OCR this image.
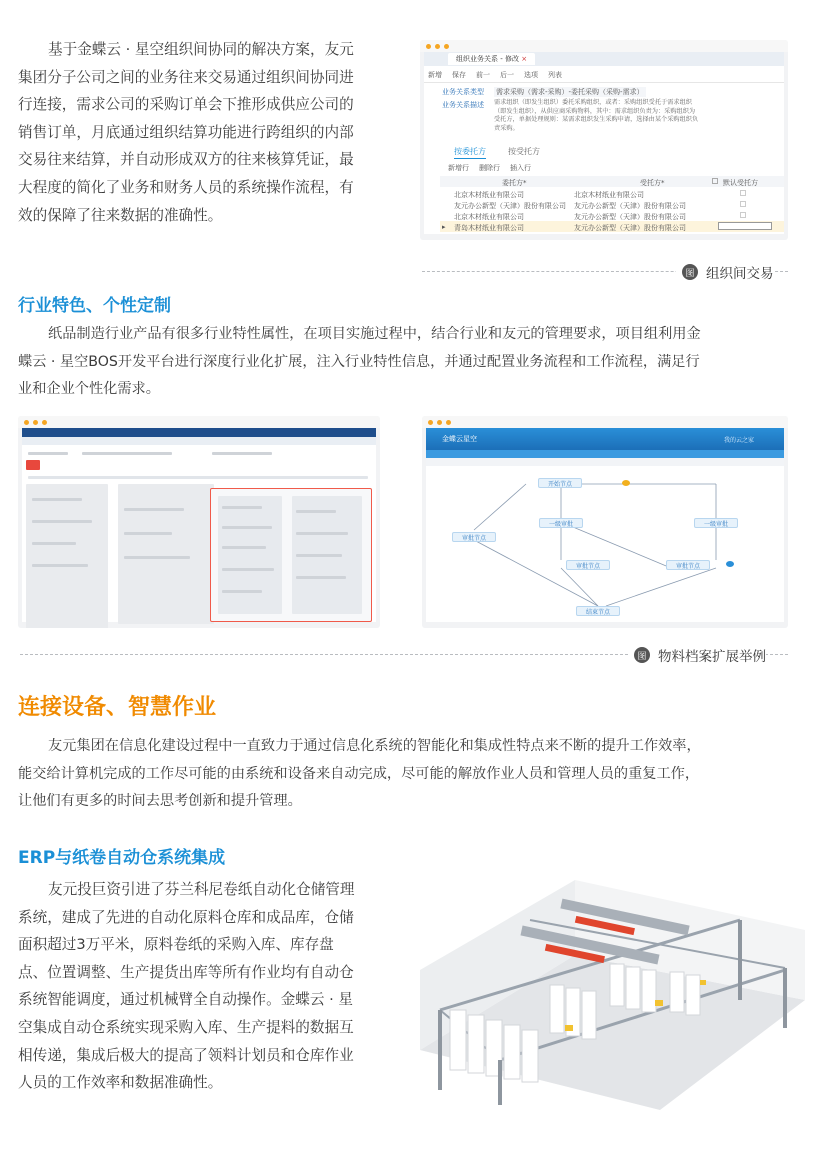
基于金蝶云 · 星空组织间协同的解决方案，友元
集团分子公司之间的业务往来交易通过组织间协同进
行连接，需求公司的采购订单会下推形成供应公司的
销售订单，月底通过组织结算功能进行跨组织的内部
交易往来结算，并自动形成双方的往来核算凭证，最
大程度的简化了业务和财务人员的系统操作流程，有
效的保障了往来数据的准确性。
组织业务关系 - 修改 ×
新增 保存 前一 后一 选项 列表
业务关系类型 需求采购（需求-采购）-委托采购（采购-需求）
业务关系描述 需求组织（即发生组织）委托采购组织，或者：采购组织受托于需求组织（即发生组织），从供应商采购物料，其中：需求组织负责为：采购组织为受托方，单据处理规则：某需求组织发生采购申请，选择由某个采购组织负责采购。
按委托方	按受托方
新增行 删除行 插入行
委托方*	受托方*	默认受托方
北京木材纸业有限公司	北京木材纸业有限公司
友元办公新型（天津）股份有限公司 友元办公新型（天津）股份有限公司
北京木材纸业有限公司	友元办公新型（天津）股份有限公司
▸ 青岛木材纸业有限公司	友元办公新型（天津）股份有限公司
图 组织间交易
行业特色、个性定制
纸品制造行业产品有很多行业特性属性，在项目实施过程中，结合行业和友元的管理要求，项目组利用金
蝶云 · 星空BOS开发平台进行深度行业化扩展，注入行业特性信息，并通过配置业务流程和工作流程，满足行
业和企业个性化需求。
金蝶云星空	我的云之家
开始节点
一级审批	一级审批
审批节点
审批节点	审批节点
结束节点
图 物料档案扩展举例
连接设备、智慧作业
友元集团在信息化建设过程中一直致力于通过信息化系统的智能化和集成性特点来不断的提升工作效率，
能交给计算机完成的工作尽可能的由系统和设备来自动完成，尽可能的解放作业人员和管理人员的重复工作，
让他们有更多的时间去思考创新和提升管理。
ERP与纸卷自动仓系统集成
友元投巨资引进了芬兰科尼卷纸自动化仓储管理
系统，建成了先进的自动化原料仓库和成品库，仓储
面积超过3万平米，原料卷纸的采购入库、库存盘
点、位置调整、生产提货出库等所有作业均有自动仓
系统智能调度，通过机械臂全自动操作。金蝶云 · 星
空集成自动仓系统实现采购入库、生产提料的数据互
相传递，集成后极大的提高了领料计划员和仓库作业
人员的工作效率和数据准确性。
